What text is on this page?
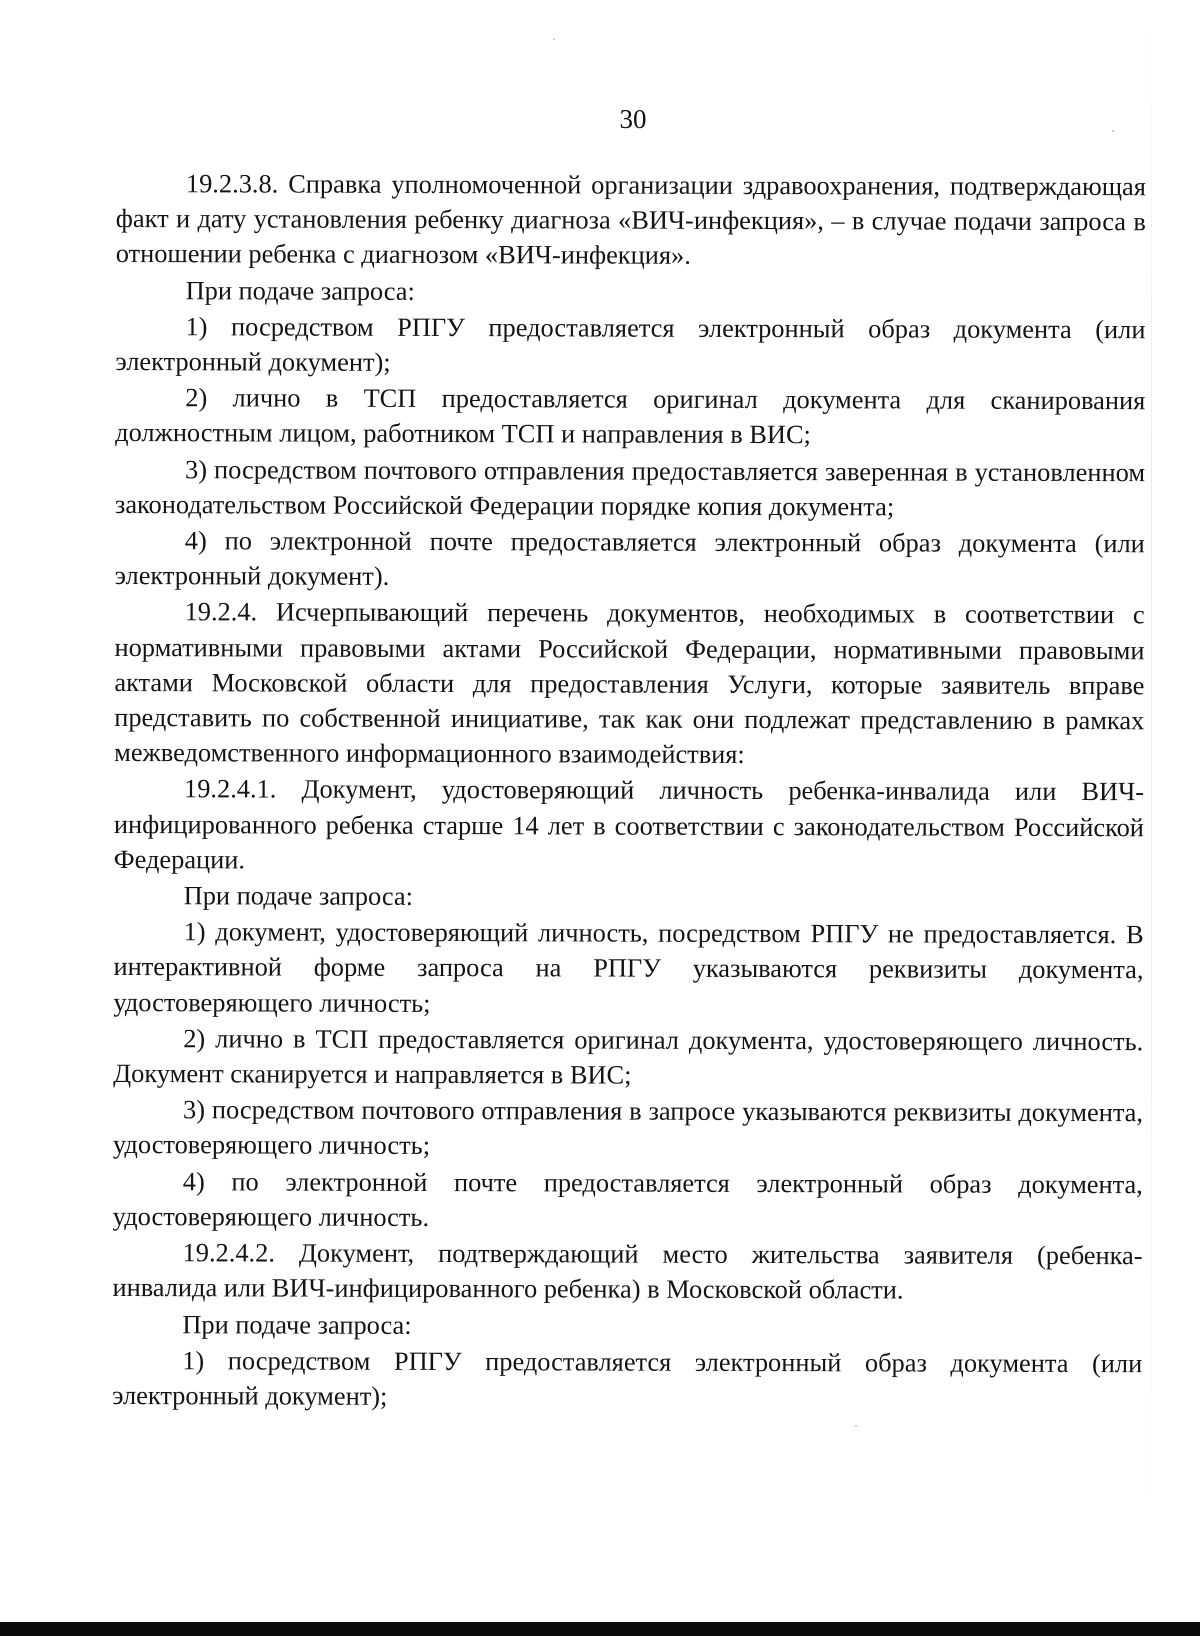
30

19.2.3.8. Справка уполномоченной организации здравоохранения, подтверждающая факт и дату установления ребенку диагноза «ВИЧ-инфекция», – в случае подачи запроса в отношении ребенка с диагнозом «ВИЧ-инфекция».

При подаче запроса:

1) посредством РПГУ предоставляется электронный образ документа (или электронный документ);

2) лично в ТСП предоставляется оригинал документа для сканирования должностным лицом, работником ТСП и направления в ВИС;

3) посредством почтового отправления предоставляется заверенная в установленном законодательством Российской Федерации порядке копия документа;

4) по электронной почте предоставляется электронный образ документа (или электронный документ).

19.2.4. Исчерпывающий перечень документов, необходимых в соответствии с нормативными правовыми актами Российской Федерации, нормативными правовыми актами Московской области для предоставления Услуги, которые заявитель вправе представить по собственной инициативе, так как они подлежат представлению в рамках межведомственного информационного взаимодействия:

19.2.4.1. Документ, удостоверяющий личность ребенка-инвалида или ВИЧ-инфицированного ребенка старше 14 лет в соответствии с законодательством Российской Федерации.

При подаче запроса:

1) документ, удостоверяющий личность, посредством РПГУ не предоставляется. В интерактивной форме запроса на РПГУ указываются реквизиты документа, удостоверяющего личность;

2) лично в ТСП предоставляется оригинал документа, удостоверяющего личность. Документ сканируется и направляется в ВИС;

3) посредством почтового отправления в запросе указываются реквизиты документа, удостоверяющего личность;

4) по электронной почте предоставляется электронный образ документа, удостоверяющего личность.

19.2.4.2. Документ, подтверждающий место жительства заявителя (ребенка-инвалида или ВИЧ-инфицированного ребенка) в Московской области.

При подаче запроса:

1) посредством РПГУ предоставляется электронный образ документа (или электронный документ);
